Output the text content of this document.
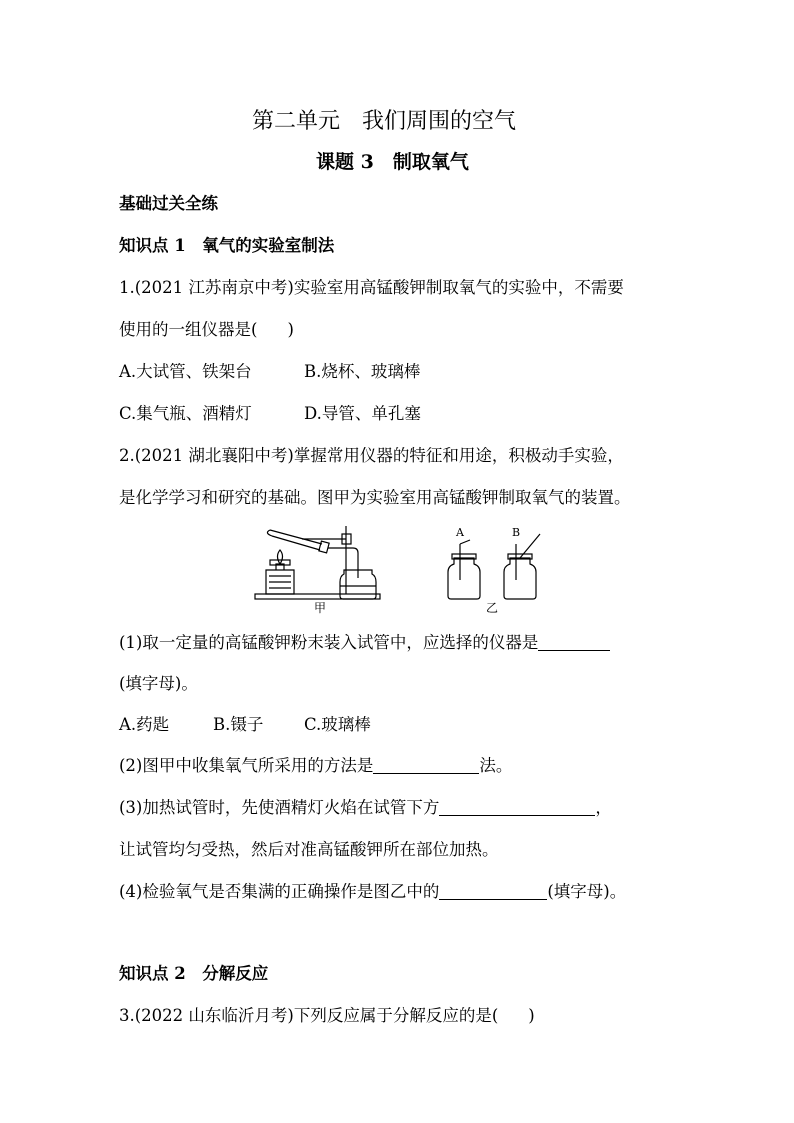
第二单元　我们周围的空气
课题 3　制取氧气
基础过关全练
知识点 1　氧气的实验室制法
1.(2021 江苏南京中考)实验室用高锰酸钾制取氧气的实验中，不需要
使用的一组仪器是( )
A.大试管、铁架台	B.烧杯、玻璃棒
C.集气瓶、酒精灯	D.导管、单孔塞
2.(2021 湖北襄阳中考)掌握常用仪器的特征和用途，积极动手实验，
是化学学习和研究的基础。图甲为实验室用高锰酸钾制取氧气的装置。
A	B
甲	乙
(1)取一定量的高锰酸钾粉末装入试管中，应选择的仪器是
(填字母)。
A.药匙	B.镊子 C.玻璃棒
(2)图甲中收集氧气所采用的方法是	法。
(3)加热试管时，先使酒精灯火焰在试管下方	，
让试管均匀受热，然后对准高锰酸钾所在部位加热。
(4)检验氧气是否集满的正确操作是图乙中的	(填字母)。
知识点 2　分解反应
3.(2022 山东临沂月考)下列反应属于分解反应的是( )
